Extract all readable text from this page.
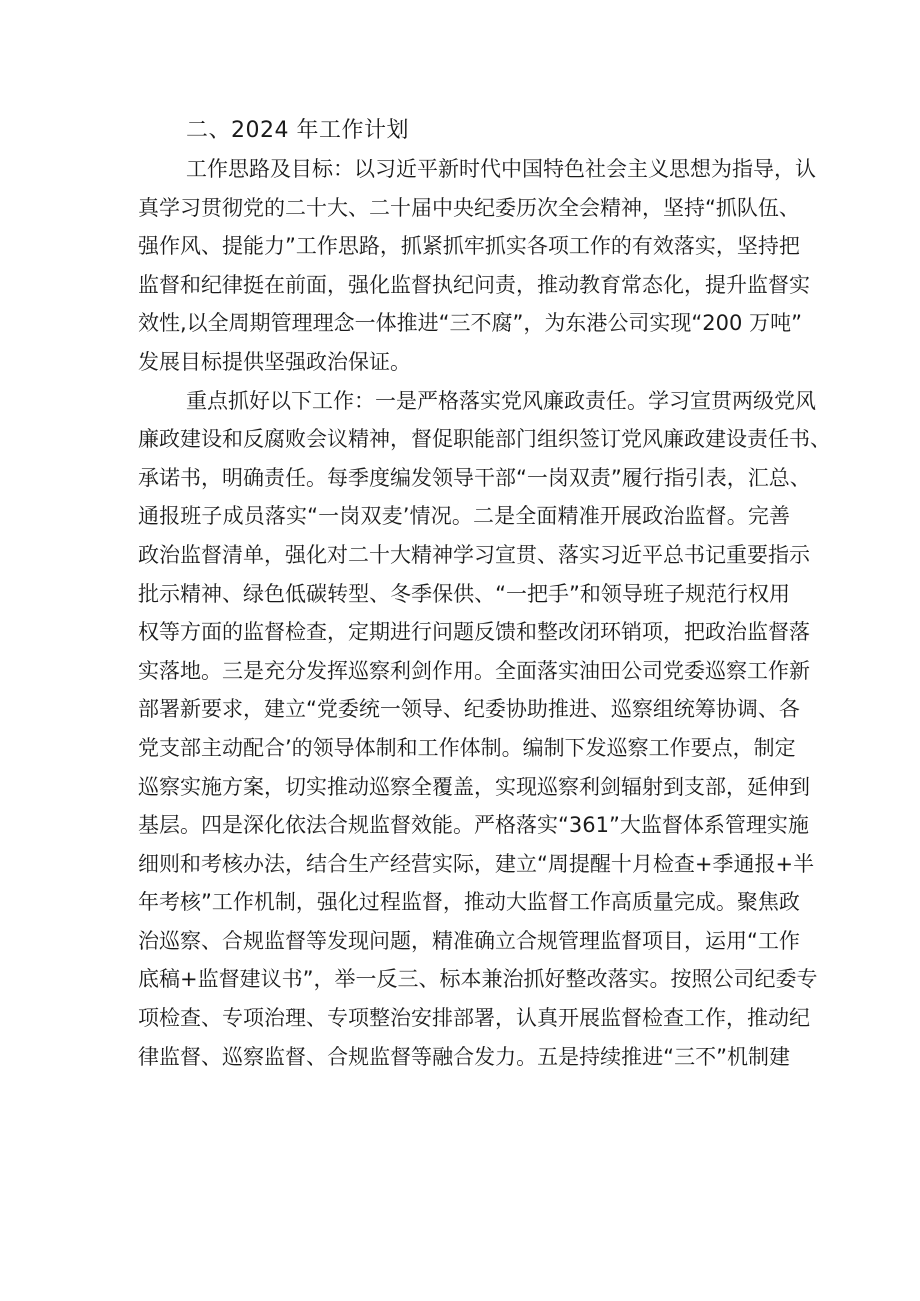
二、2024 年工作计划
工作思路及目标：以习近平新时代中国特色社会主义思想为指导，认
真学习贯彻党的二十大、二十届中央纪委历次全会精神，坚持“抓队伍、
强作风、提能力”工作思路，抓紧抓牢抓实各项工作的有效落实，坚持把
监督和纪律挺在前面，强化监督执纪问责，推动教育常态化，提升监督实
效性,以全周期管理理念一体推进“三不腐”，为东港公司实现“200 万吨”
发展目标提供坚强政治保证。
重点抓好以下工作：一是严格落实党风廉政责任。学习宣贯两级党风
廉政建设和反腐败会议精神，督促职能部门组织签订党风廉政建设责任书、
承诺书，明确责任。每季度编发领导干部“一岗双责”履行指引表，汇总、
通报班子成员落实“一岗双麦’情况。二是全面精准开展政治监督。完善
政治监督清单，强化对二十大精神学习宣贯、落实习近平总书记重要指示
批示精神、绿色低碳转型、冬季保供、“一把手”和领导班子规范行权用
权等方面的监督检查，定期进行问题反馈和整改闭环销项，把政治监督落
实落地。三是充分发挥巡察利剑作用。全面落实油田公司党委巡察工作新
部署新要求，建立“党委统一领导、纪委协助推进、巡察组统筹协调、各
党支部主动配合’的领导体制和工作体制。编制下发巡察工作要点，制定
巡察实施方案，切实推动巡察全覆盖，实现巡察利剑辐射到支部，延伸到
基层。四是深化依法合规监督效能。严格落实“361”大监督体系管理实施
细则和考核办法，结合生产经营实际，建立“周提醒十月检查+季通报+半
年考核”工作机制，强化过程监督，推动大监督工作高质量完成。聚焦政
治巡察、合规监督等发现问题，精准确立合规管理监督项目，运用“工作
底稿+监督建议书”，举一反三、标本兼治抓好整改落实。按照公司纪委专
项检查、专项治理、专项整治安排部署，认真开展监督检查工作，推动纪
律监督、巡察监督、合规监督等融合发力。五是持续推进“三不”机制建
